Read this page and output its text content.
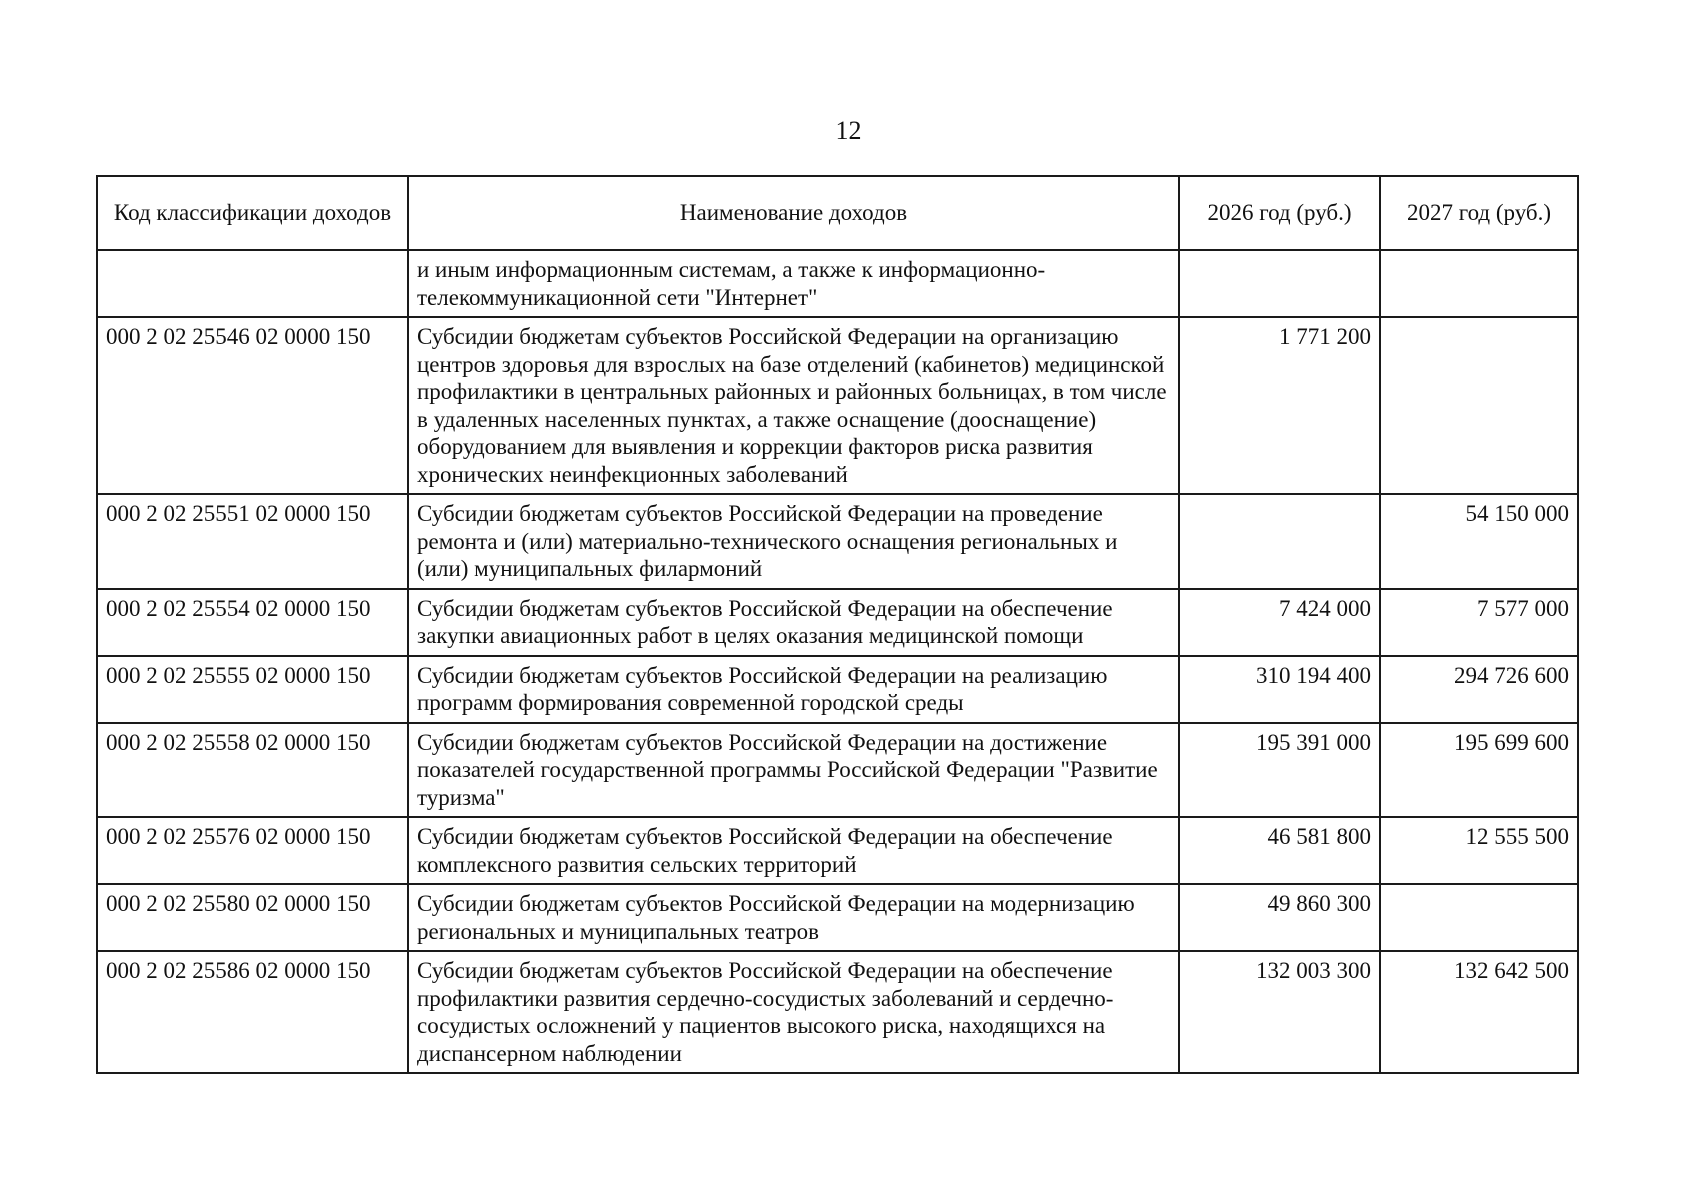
12
Код классификации доходов	Наименование доходов	2026 год (руб.)	2027 год (руб.)
	и иным информационным системам, а также к информационно-телекоммуникационной сети "Интернет"		
000 2 02 25546 02 0000 150	Субсидии бюджетам субъектов Российской Федерации на организацию центров здоровья для взрослых на базе отделений (кабинетов) медицинской профилактики в центральных районных и районных больницах, в том числе в удаленных населенных пунктах, а также оснащение (дооснащение) оборудованием для выявления и коррекции факторов риска развития хронических неинфекционных заболеваний	1 771 200	
000 2 02 25551 02 0000 150	Субсидии бюджетам субъектов Российской Федерации на проведение ремонта и (или) материально-технического оснащения региональных и (или) муниципальных филармоний		54 150 000
000 2 02 25554 02 0000 150	Субсидии бюджетам субъектов Российской Федерации на обеспечение закупки авиационных работ в целях оказания медицинской помощи	7 424 000	7 577 000
000 2 02 25555 02 0000 150	Субсидии бюджетам субъектов Российской Федерации на реализацию программ формирования современной городской среды	310 194 400	294 726 600
000 2 02 25558 02 0000 150	Субсидии бюджетам субъектов Российской Федерации на достижение показателей государственной программы Российской Федерации "Развитие туризма"	195 391 000	195 699 600
000 2 02 25576 02 0000 150	Субсидии бюджетам субъектов Российской Федерации на обеспечение комплексного развития сельских территорий	46 581 800	12 555 500
000 2 02 25580 02 0000 150	Субсидии бюджетам субъектов Российской Федерации на модернизацию региональных и муниципальных театров	49 860 300	
000 2 02 25586 02 0000 150	Субсидии бюджетам субъектов Российской Федерации на обеспечение профилактики развития сердечно-сосудистых заболеваний и сердечно-сосудистых осложнений у пациентов высокого риска, находящихся на диспансерном наблюдении	132 003 300	132 642 500
